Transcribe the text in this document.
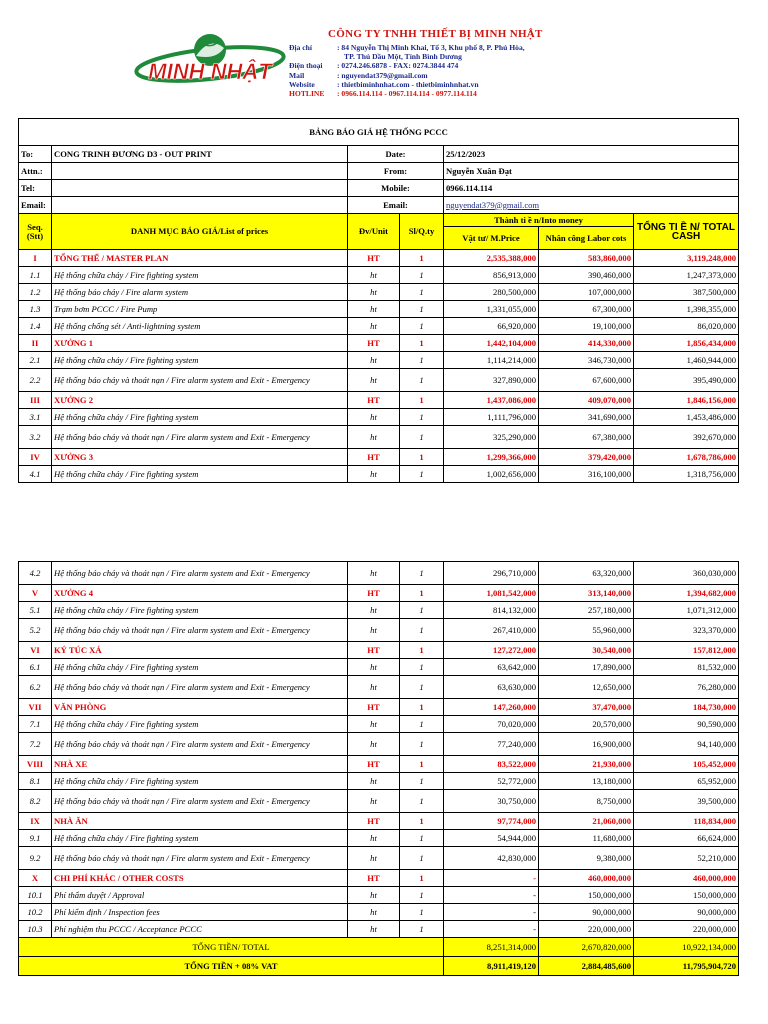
MINH NHẬT
CÔNG TY TNHH THIẾT BỊ MINH NHẬT
Địa chỉ	: 84 Nguyễn Thị Minh Khai, Tổ 3, Khu phố 8, P. Phú Hòa,
TP. Thủ Dầu Một, Tỉnh Bình Dương
Điện thoại : 0274.246.6878 - FAX: 0274.3844 474
Mail	: nguyendat379@gmail.com
Website	: thietbiminhnhat.com - thietbiminhnhat.vn
HOTLINE : 0966.114.114 - 0967.114.114 - 0977.114.114
BẢNG BÁO GIÁ HỆ THỐNG PCCC						
To:	CONG TRINH ĐƯƠNG D3 - OUT PRINT	Date:		25/12/2023		
Attn.:		From:		Nguyễn Xuân Đạt		
Tel:		Mobile:		0966.114.114		
Email:		Email:		nguyendat379@gmail.com		
Seq. (Stt)	DANH MỤC BÁO GIÁ/List of prices	Đv/Unit	Sl/Q.ty	Thành ti ề n/Into money		TỔNG TI Ề N/ TOTAL CASH
				Vật tư/ M.Price	Nhân công Labor cots	
I	TỔNG THỂ / MASTER PLAN	HT	1	2,535,388,000	583,860,000	3,119,248,000
1.1	Hệ thống chữa cháy / Fire fighting system	ht	1	856,913,000	390,460,000	1,247,373,000
1.2	Hệ thống báo cháy / Fire alarm system	ht	1	280,500,000	107,000,000	387,500,000
1.3	Trạm bơm PCCC / Fire Pump	ht	1	1,331,055,000	67,300,000	1,398,355,000
1.4	Hệ thống chống sét / Anti-lightning system	ht	1	66,920,000	19,100,000	86,020,000
II	XƯỞNG 1	HT	1	1,442,104,000	414,330,000	1,856,434,000
2.1	Hệ thống chữa cháy / Fire fighting system	ht	1	1,114,214,000	346,730,000	1,460,944,000
2.2	Hệ thống báo cháy và thoát nạn / Fire alarm system and Exit - Emergency	ht	1	327,890,000	67,600,000	395,490,000
III	XƯỞNG 2	HT	1	1,437,086,000	409,070,000	1,846,156,000
3.1	Hệ thống chữa cháy / Fire fighting system	ht	1	1,111,796,000	341,690,000	1,453,486,000
3.2	Hệ thống báo cháy và thoát nạn / Fire alarm system and Exit - Emergency	ht	1	325,290,000	67,380,000	392,670,000
IV	XƯỞNG 3	HT	1	1,299,366,000	379,420,000	1,678,786,000
4.1	Hệ thống chữa cháy / Fire fighting system	ht	1	1,002,656,000	316,100,000	1,318,756,000
4.2	Hệ thống báo cháy và thoát nạn / Fire alarm system and Exit - Emergency	ht	1	296,710,000	63,320,000	360,030,000
V	XƯỞNG 4	HT	1	1,081,542,000	313,140,000	1,394,682,000
5.1	Hệ thống chữa cháy / Fire fighting system	ht	1	814,132,000	257,180,000	1,071,312,000
5.2	Hệ thống báo cháy và thoát nạn / Fire alarm system and Exit - Emergency	ht	1	267,410,000	55,960,000	323,370,000
VI	KÝ TÚC XÁ	HT	1	127,272,000	30,540,000	157,812,000
6.1	Hệ thống chữa cháy / Fire fighting system	ht	1	63,642,000	17,890,000	81,532,000
6.2	Hệ thống báo cháy và thoát nạn / Fire alarm system and Exit - Emergency	ht	1	63,630,000	12,650,000	76,280,000
VII	VĂN PHÒNG	HT	1	147,260,000	37,470,000	184,730,000
7.1	Hệ thống chữa cháy / Fire fighting system	ht	1	70,020,000	20,570,000	90,590,000
7.2	Hệ thống báo cháy và thoát nạn / Fire alarm system and Exit - Emergency	ht	1	77,240,000	16,900,000	94,140,000
VIII	NHÀ XE	HT	1	83,522,000	21,930,000	105,452,000
8.1	Hệ thống chữa cháy / Fire fighting system	ht	1	52,772,000	13,180,000	65,952,000
8.2	Hệ thống báo cháy và thoát nạn / Fire alarm system and Exit - Emergency	ht	1	30,750,000	8,750,000	39,500,000
IX	NHÀ ĂN	HT	1	97,774,000	21,060,000	118,834,000
9.1	Hệ thống chữa cháy / Fire fighting system	ht	1	54,944,000	11,680,000	66,624,000
9.2	Hệ thống báo cháy và thoát nạn / Fire alarm system and Exit - Emergency	ht	1	42,830,000	9,380,000	52,210,000
X	CHI PHÍ KHÁC / OTHER COSTS	HT	1	-	460,000,000	460,000,000
10.1	Phí thẩm duyệt / Approval	ht	1	-	150,000,000	150,000,000
10.2	Phí kiểm định / Inspection fees	ht	1	-	90,000,000	90,000,000
10.3	Phí nghiệm thu PCCC / Acceptance PCCC	ht	1	-	220,000,000	220,000,000
TỔNG TIỀN/ TOTAL				8,251,314,000	2,670,820,000	10,922,134,000
TỔNG TIỀN + 08% VAT				8,911,419,120	2,884,485,600	11,795,904,720
